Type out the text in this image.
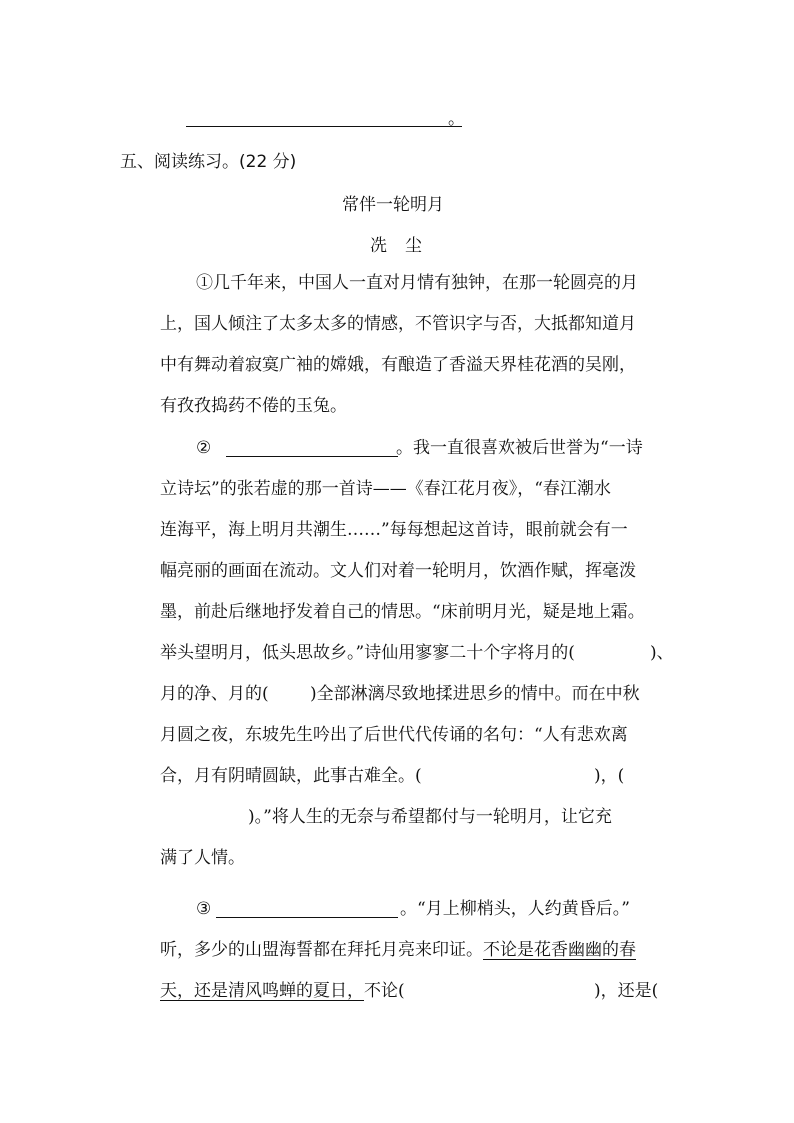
。
五、阅读练习。(22 分)
常伴一轮明月
冼尘
①几千年来，中国人一直对月情有独钟，在那一轮圆亮的月
上，国人倾注了太多太多的情感，不管识字与否，大抵都知道月
中有舞动着寂寞广袖的嫦娥，有酿造了香溢天界桂花酒的吴刚，
有孜孜捣药不倦的玉兔。
②	。我一直很喜欢被后世誉为“一诗
立诗坛”的张若虚的那一首诗——《春江花月夜》，“春江潮水
连海平，海上明月共潮生……”每每想起这首诗，眼前就会有一
幅亮丽的画面在流动。文人们对着一轮明月，饮酒作赋，挥毫泼
墨，前赴后继地抒发着自己的情思。“床前明月光，疑是地上霜。
举头望明月，低头思故乡。”诗仙用寥寥二十个字将月的(	)、
月的净、月的( )全部淋漓尽致地揉进思乡的情中。而在中秋
月圆之夜，东坡先生吟出了后世代代传诵的名句：“人有悲欢离
合，月有阴晴圆缺，此事古难全。(	)，(
)。”将人生的无奈与希望都付与一轮明月，让它充
满了人情。
③	。“月上柳梢头，人约黄昏后。”
听，多少的山盟海誓都在拜托月亮来印证。不论是花香幽幽的春
天，还是清风鸣蝉的夏日，不论(	)，还是(
